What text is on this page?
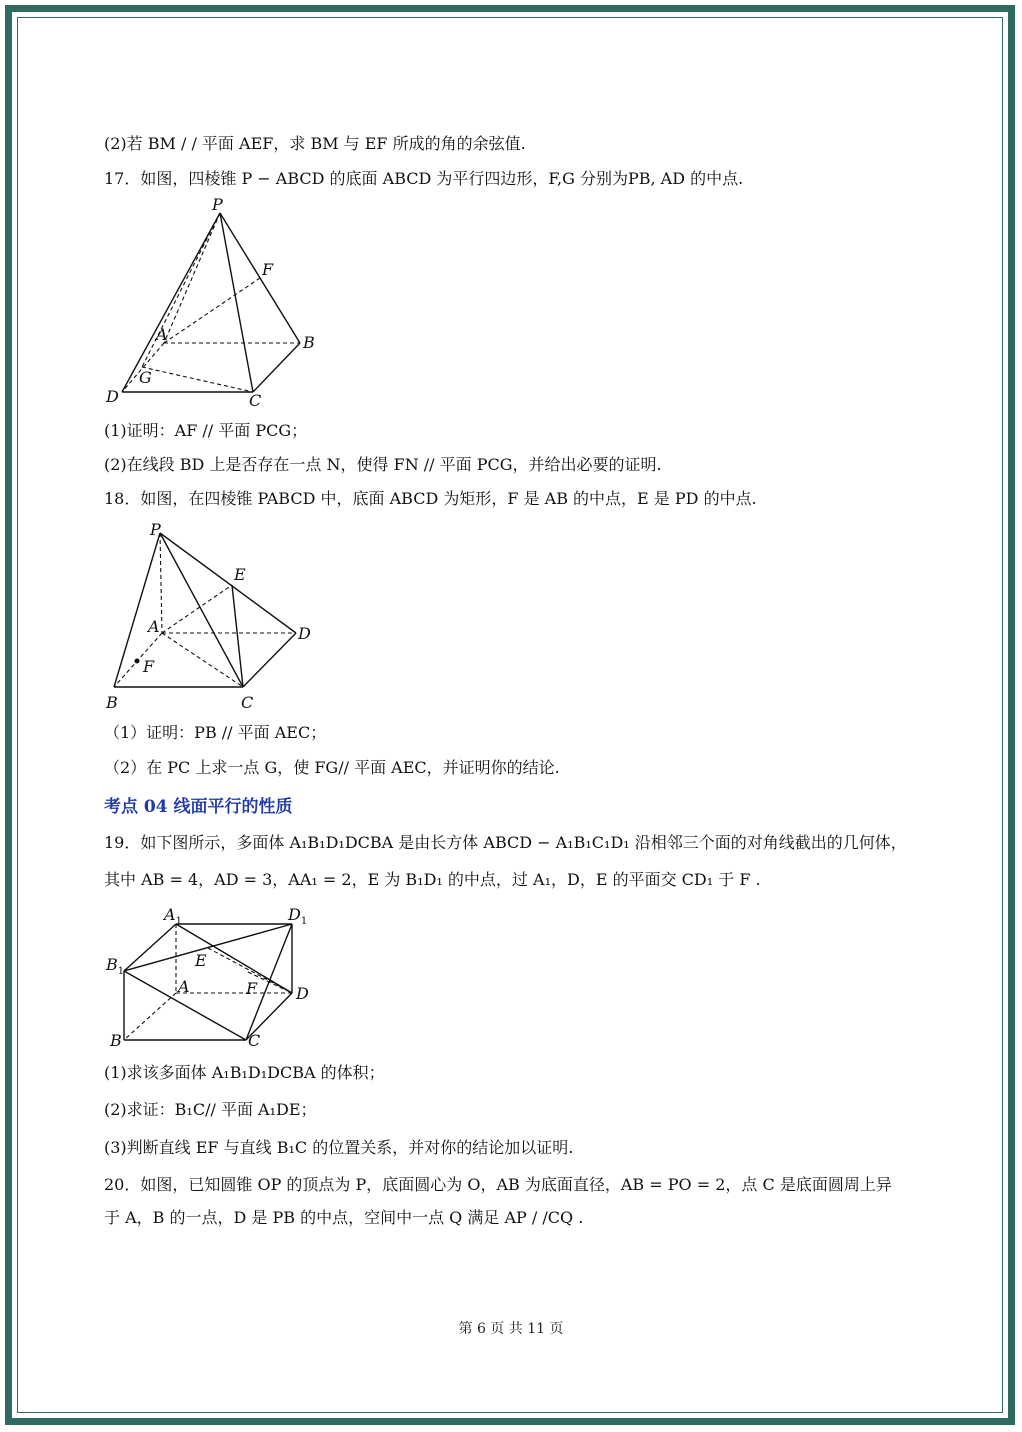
(2)若 BM / / 平面 AEF，求 BM 与 EF 所成的角的余弦值.
17．如图，四棱锥 P − ABCD 的底面 ABCD 为平行四边形，F,G 分别为PB, AD 的中点.
P
F
A	B
G
D	C
(1)证明：AF // 平面 PCG；
(2)在线段 BD 上是否存在一点 N，使得 FN // 平面 PCG，并给出必要的证明.
18．如图，在四棱锥 PABCD 中，底面 ABCD 为矩形，F 是 AB 的中点，E 是 PD 的中点.
P
E
A	D
F
B	C
（1）证明：PB // 平面 AEC；
（2）在 PC 上求一点 G，使 FG// 平面 AEC，并证明你的结论.
考点 04 线面平行的性质
19．如下图所示，多面体 A₁B₁D₁DCBA 是由长方体 ABCD − A₁B₁C₁D₁ 沿相邻三个面的对角线截出的几何体，
其中 AB = 4，AD = 3，AA₁ = 2，E 为 B₁D₁ 的中点，过 A₁，D，E 的平面交 CD₁ 于 F .
$A_1$	$D_1$
$B_1$
E
A	F D
B	C
(1)求该多面体 A₁B₁D₁DCBA 的体积；
(2)求证：B₁C// 平面 A₁DE；
(3)判断直线 EF 与直线 B₁C 的位置关系，并对你的结论加以证明.
20．如图，已知圆锥 OP 的顶点为 P，底面圆心为 O，AB 为底面直径，AB = PO = 2，点 C 是底面圆周上异
于 A，B 的一点，D 是 PB 的中点，空间中一点 Q 满足 AP / /CQ .
第 6 页 共 11 页
